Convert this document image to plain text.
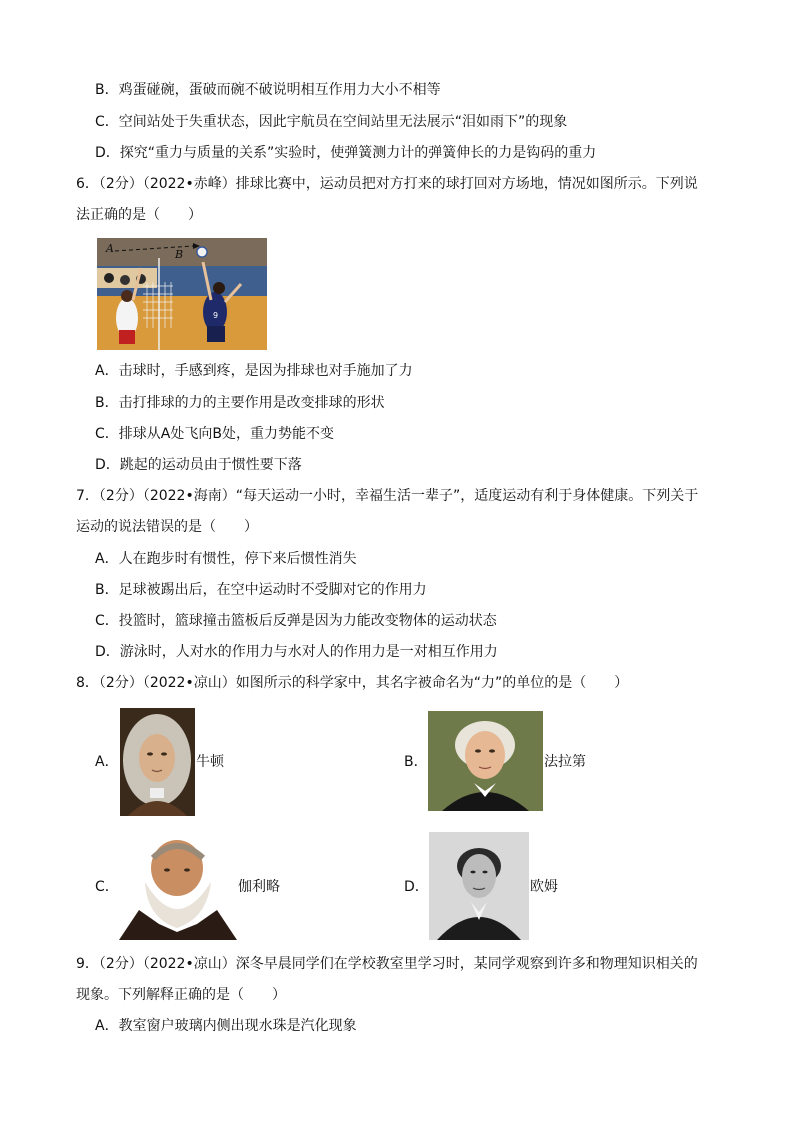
B．鸡蛋碰碗，蛋破而碗不破说明相互作用力大小不相等
C．空间站处于失重状态，因此宇航员在空间站里无法展示“泪如雨下”的现象
D．探究“重力与质量的关系”实验时，使弹簧测力计的弹簧伸长的力是钩码的重力
6．（2分）（2022•赤峰）排球比赛中，运动员把对方打来的球打回对方场地，情况如图所示。下列说
法正确的是（　　）
9
A	B
A．击球时，手感到疼，是因为排球也对手施加了力
B．击打排球的力的主要作用是改变排球的形状
C．排球从A处飞向B处，重力势能不变
D．跳起的运动员由于惯性要下落
7．（2分）（2022•海南）“每天运动一小时，幸福生活一辈子”，适度运动有利于身体健康。下列关于
运动的说法错误的是（　　）
A．人在跑步时有惯性，停下来后惯性消失
B．足球被踢出后，在空中运动时不受脚对它的作用力
C．投篮时，篮球撞击篮板后反弹是因为力能改变物体的运动状态
D．游泳时，人对水的作用力与水对人的作用力是一对相互作用力
8．（2分）（2022•凉山）如图所示的科学家中，其名字被命名为“力”的单位的是（　　）
A．	牛顿	B．	法拉第
C．	伽利略	D．	欧姆
9．（2分）（2022•凉山）深冬早晨同学们在学校教室里学习时，某同学观察到许多和物理知识相关的
现象。下列解释正确的是（　　）
A．教室窗户玻璃内侧出现水珠是汽化现象
